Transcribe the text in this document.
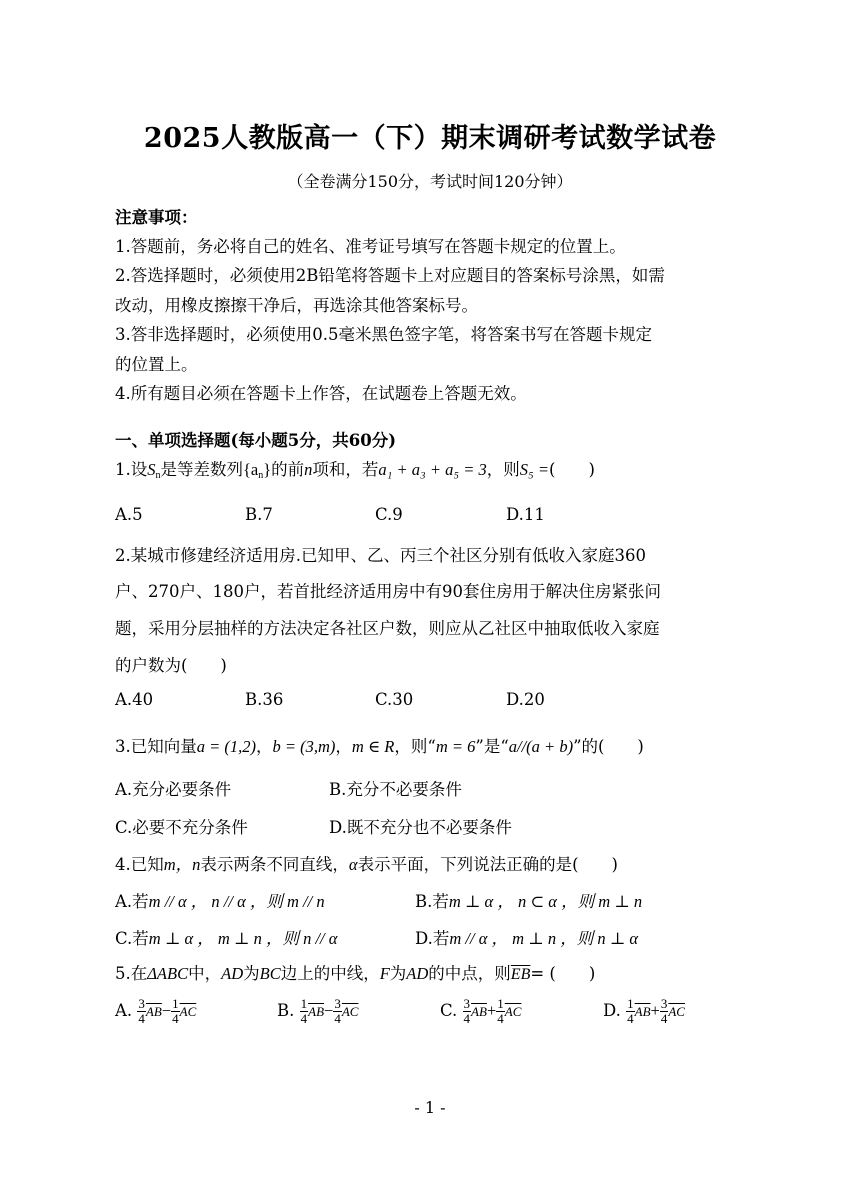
2025人教版高一（下）期末调研考试数学试卷
（全卷满分150分，考试时间120分钟）
注意事项：
1.答题前，务必将自己的姓名、准考证号填写在答题卡规定的位置上。
2.答选择题时，必须使用2B铅笔将答题卡上对应题目的答案标号涂黑，如需
改动，用橡皮擦擦干净后，再选涂其他答案标号。
3.答非选择题时，必须使用0.5毫米黑色签字笔，将答案书写在答题卡规定
的位置上。
4.所有题目必须在答题卡上作答，在试题卷上答题无效。
一、单项选择题(每小题5分，共60分)
1.设$S_n$是等差数列$\{a_n\}$的前n项和，若a₁ + a₃ + a₅ = 3，则S₅ =(　　)
A.5	B.7	C.9	D.11
2.某城市修建经济适用房.已知甲、乙、丙三个社区分别有低收入家庭360
户、270户、180户，若首批经济适用房中有90套住房用于解决住房紧张问
题，采用分层抽样的方法决定各社区户数，则应从乙社区中抽取低收入家庭
的户数为(　　)
A.40	B.36	C.30	D.20
3.已知向量a = (1,2)，b = (3,m)，m ∈ R，则“m = 6”是“a//(a + b)”的(　　)
A.充分必要条件	B.充分不必要条件
C.必要不充分条件	D.既不充分也不必要条件
4.已知m，n表示两条不同直线，α表示平面，下列说法正确的是(　　)
A.若m // α ， n // α ，则 m // n	B.若m ⊥ α ， n ⊂ α ，则 m ⊥ n
C.若m ⊥ α ， m ⊥ n ，则 n // α	D.若m // α ， m ⊥ n ，则 n ⊥ α
5.在ΔABC中，AD为BC边上的中线，F为AD的中点，则$\overline{EB}=$ (　　)
A. $\frac{3}{4} \overline{AB}- \frac{1}{4} \overline{AC}$	B. $\frac{1}{4} \overline{AB}- \frac{3}{4} \overline{AC}$	C. $\frac{3}{4} \overline{AB}+ \frac{1}{4} \overline{AC}$	D. $\frac{1}{4} \overline{AB}+ \frac{3}{4} \overline{AC}$
- 1 -
